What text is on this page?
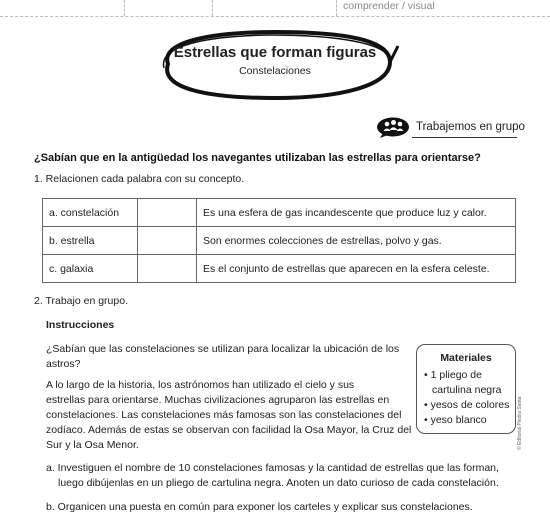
comprender / visual
Estrellas que forman figuras
Constelaciones
Trabajemos en grupo
¿Sabían que en la antigüedad los navegantes utilizaban las estrellas para orientarse?
1. Relacionen cada palabra con su concepto.
a. constelación		Es una esfera de gas incandescente que produce luz y calor.
b. estrella		Son enormes colecciones de estrellas, polvo y gas.
c. galaxia		Es el conjunto de estrellas que aparecen en la esfera celeste.
2. Trabajo en grupo.
Instrucciones
¿Sabían que las constelaciones se utilizan para localizar la ubicación de los
astros?
A lo largo de la historia, los astrónomos han utilizado el cielo y sus
estrellas para orientarse. Muchas civilizaciones agruparon las estrellas en
constelaciones. Las constelaciones más famosas son las constelaciones del
zodíaco. Además de estas se observan con facilidad la Osa Mayor, la Cruz del
Sur y la Osa Menor.
a. Investiguen el nombre de 10 constelaciones famosas y la cantidad de estrellas que las forman,
luego dibújenlas en un pliego de cartulina negra. Anoten un dato curioso de cada constelación.
b. Organicen una puesta en común para exponer los carteles y explicar sus constelaciones.
Materiales
• 1 pliego de
cartulina negra
• yesos de colores
• yeso blanco	© Editorial Piedra Santa
